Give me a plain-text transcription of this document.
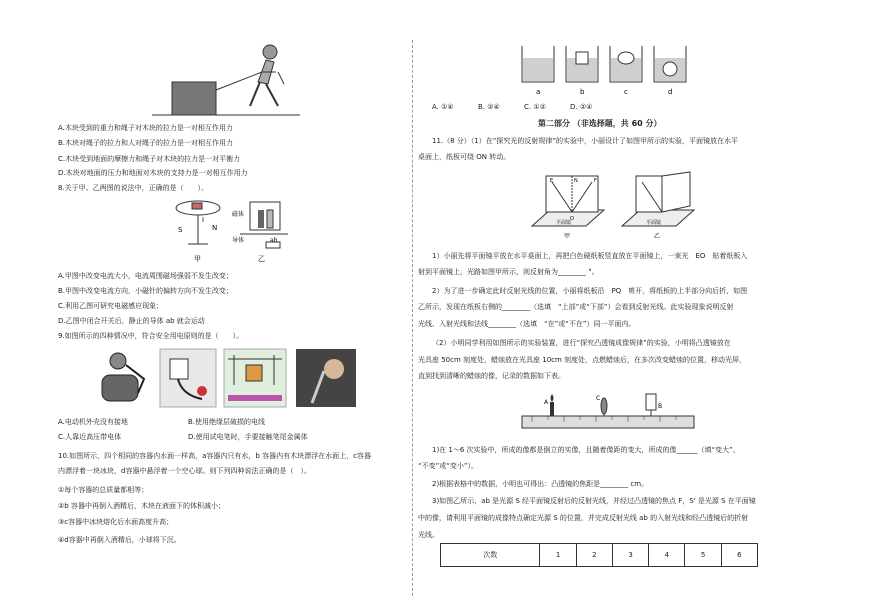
A.木块受到的重力和绳子对木块的拉力是一对相互作用力
B.木块对绳子的拉力和人对绳子的拉力是一对相互作用力
C.木块受到地面的摩擦力和绳子对木块的拉力是一对平衡力
D.木块对地面的压力和地面对木块的支持力是一对相互作用力
8.关于甲、乙两图的说法中，正确的是（　　）。
S	N
I
甲
磁体
导体	ab
乙
A.甲图中改变电流大小，电流周围磁场强弱不发生改变；
B.甲图中改变电流方向，小磁针的偏转方向不发生改变；
C.利用乙图可研究电磁感应现象；
D.乙图中闭合开关后，静止的导体 ab 就会运动
9.如图所示的四种情况中，符合安全用电原则的是（　　）。
A.电动机外壳没有接地	B.使用绝缘层破损的电线
C.人靠近高压带电体	D.使用试电笔时，手要接触笔尾金属体
10.如图所示，四个相同的容器内水面一样高，a容器内只有水，b 容器内有木块漂浮在水面上，c容器
内漂浮着一块冰块，d容器中悬浮着一个空心球。则下列四种说法正确的是（　）。
①每个容器的总质量都相等；
②b 容器中再倒入酒精后，木块在液面下的体积减小；
③c容器中冰块熔化后水面高度升高；
④d容器中再倒入酒精后，小球将下沉。
a	b	c	d
A. ①④	B. ②④	C. ①②	D. ②④
第二部分 （非选择题，共 60 分）
11.（8 分）（1）在“探究光的反射规律”的实验中，小丽设计了如图甲所示的实验，平面镜放在水平
桌面上，纸板可绕 ON 转动。
E	F
N
O
平面镜
甲
平面镜
乙
1）小丽先将平面镜平放在水平桌面上，再把白色硬纸板竖直放在平面镜上，一束光　EO　贴着纸板入
射到平面镜上，光路如图甲所示，则反射角为________ °。
2）为了进一步确定此时反射光线的位置，小丽将纸板沿　PQ　剪开，将纸板的上半部分向后折，如图
乙所示，发现在纸板右侧的________（选填　“上部”或“下部”）会看到反射光线。此实验现象说明反射
光线、入射光线和法线________（选填　“在”或“不在”）同一平面内。
（2）小明同学利用如图所示的实验装置，进行“探究凸透镜成像规律”的实验，小明将凸透镜放在
光具座 50cm 刻度处，蜡烛放在光具座 10cm 刻度处，点燃蜡烛后，在多次改变蜡烛的位置，移动光屏，
直到找到清晰的蜡烛的像，记录的数据如下表。
A
C
B
1)在 1～6 次实验中，所成的像都是倒立的实像，且随着像距的变大，所成的像______（填“变大”、
“不变”或“变小”）。
2)根据表格中的数据，小明也可得出：凸透镜的焦距是________ cm。
3)如图乙所示，ab 是光源 S 经平面镜反射后的反射光线，并经过凸透镜的焦点 F，S' 是光源 S 在平面镜
中的像，请利用平面镜的成像特点确定光源 S 的位置，并完成反射光线 ab 的入射光线和经凸透镜后的折射
光线。
次数	1	2	3	4	5	6
